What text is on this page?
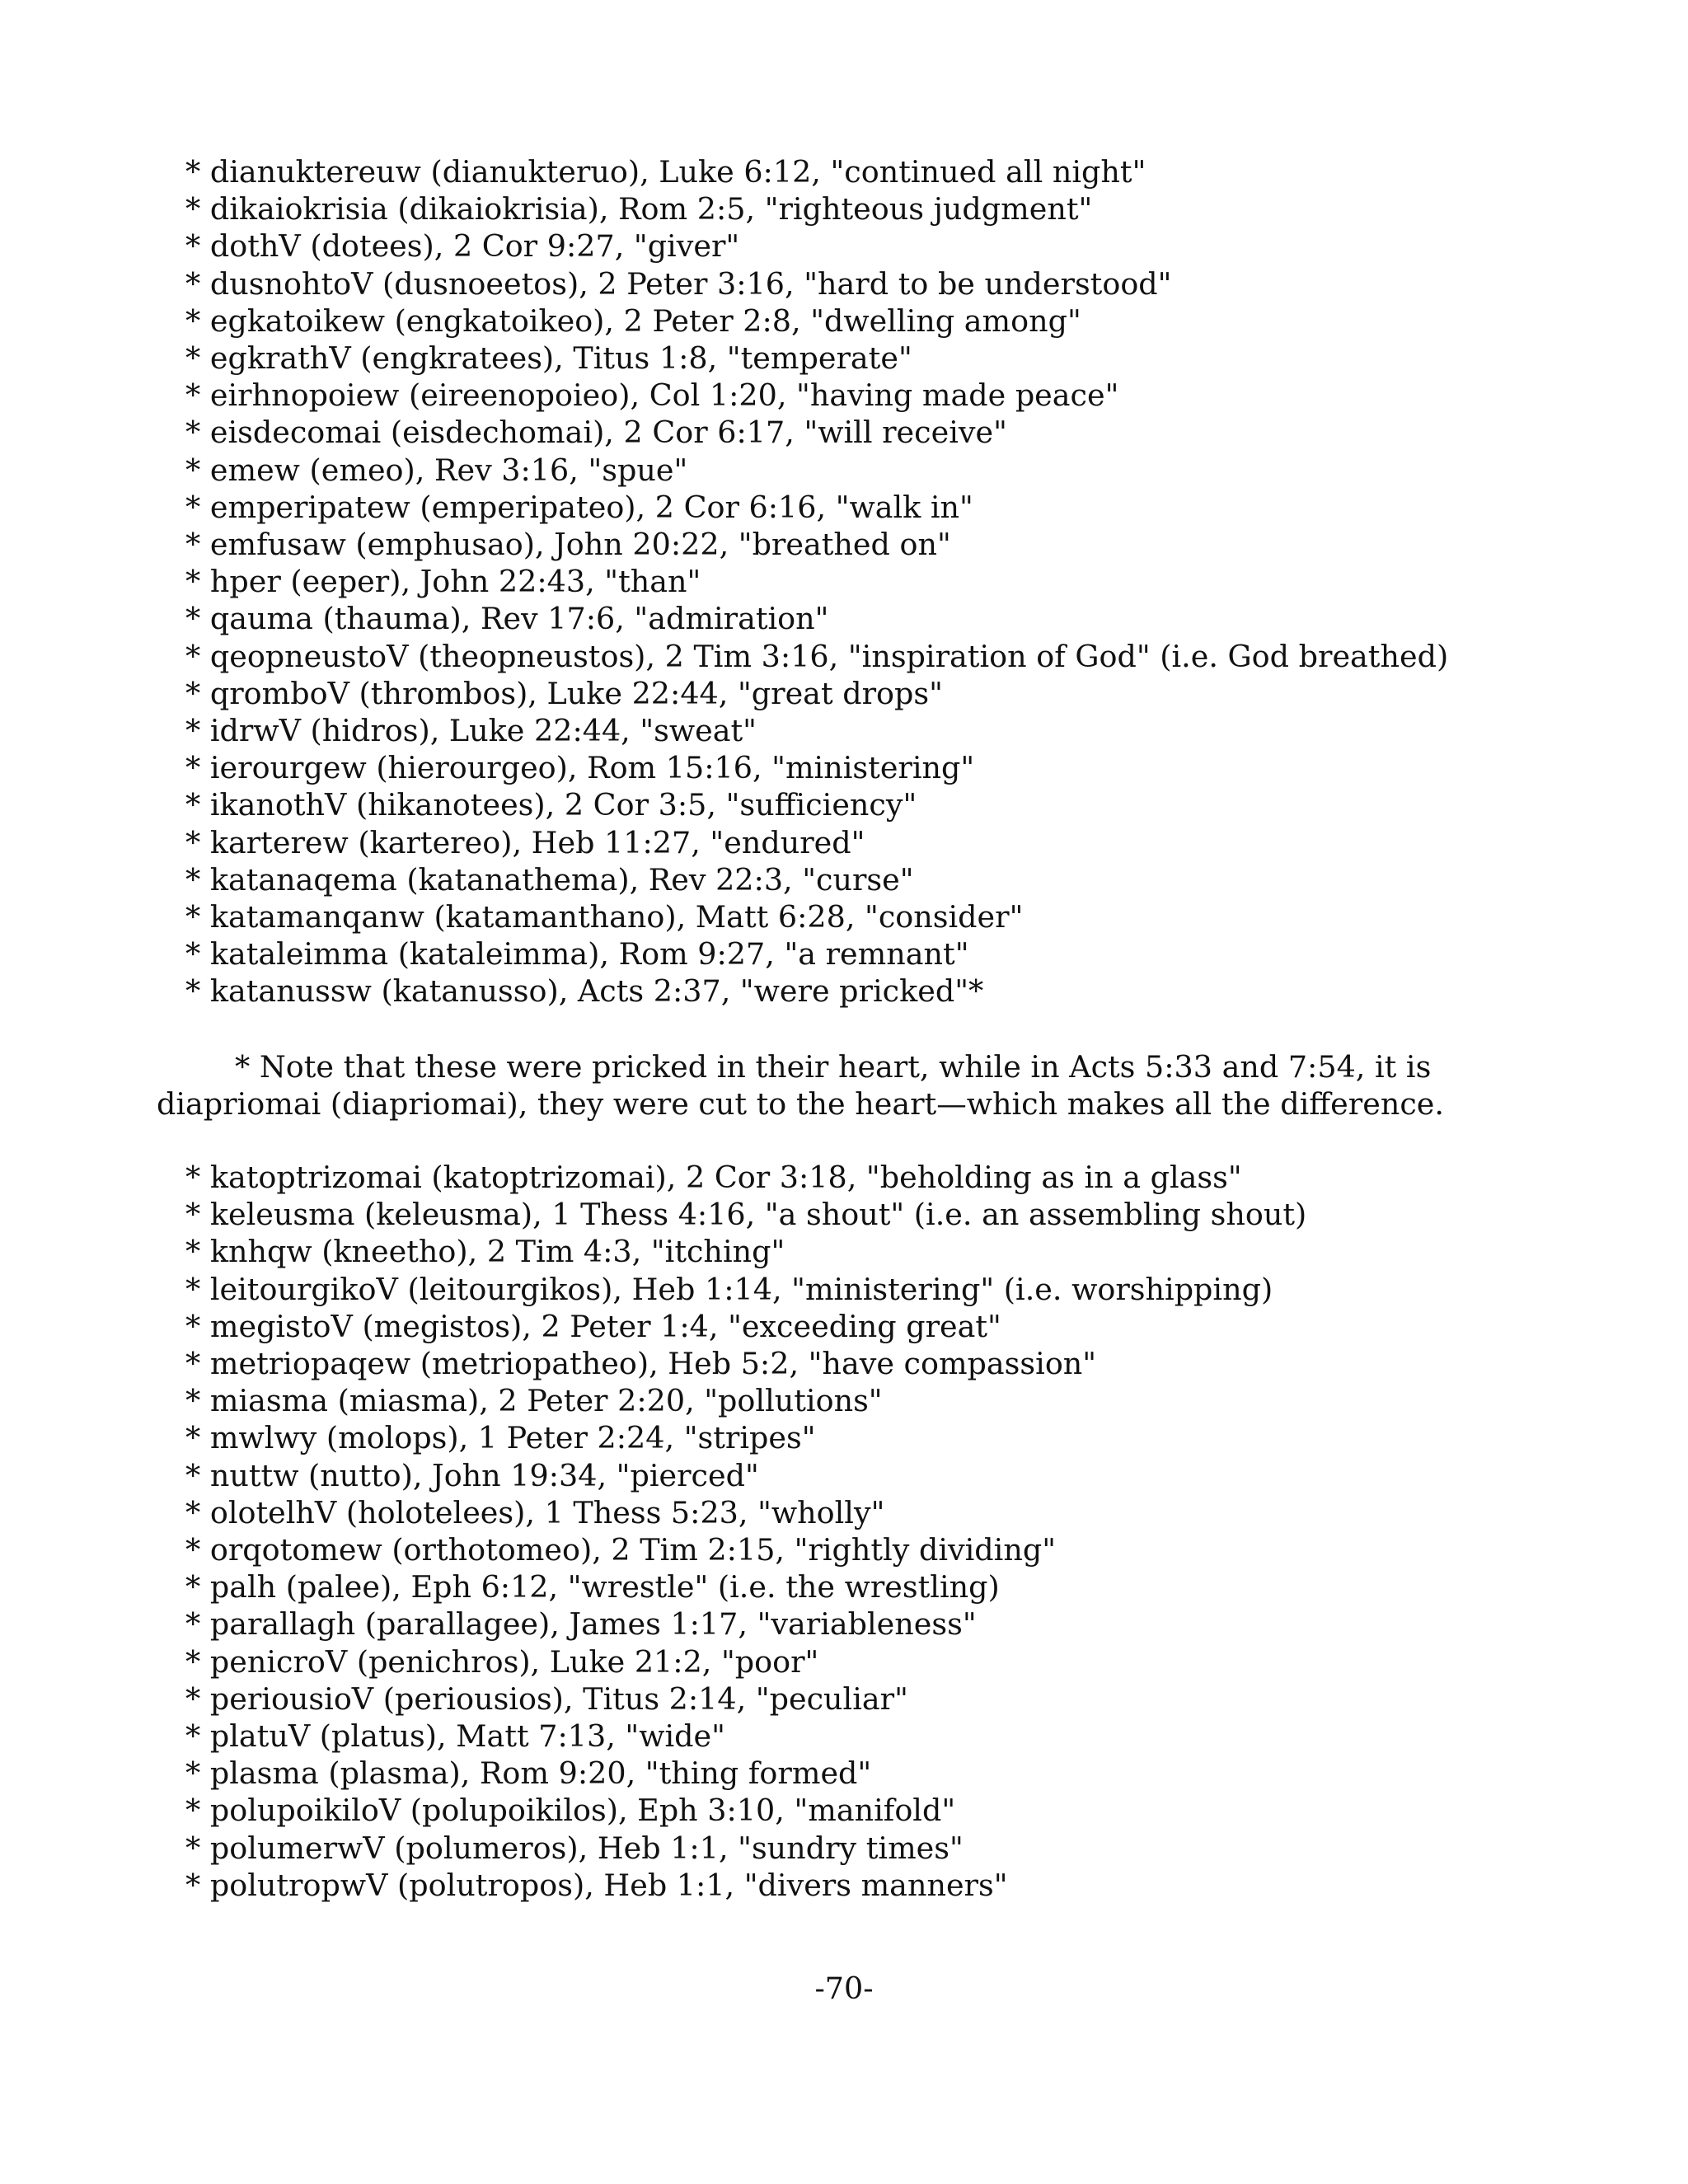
* dianuktereuw (dianukteruo), Luke 6:12, "continued all night"
* dikaiokrisia (dikaiokrisia), Rom 2:5, "righteous judgment"
* dothV (dotees), 2 Cor 9:27, "giver"
* dusnohtoV (dusnoeetos), 2 Peter 3:16, "hard to be understood"
* egkatoikew (engkatoikeo), 2 Peter 2:8, "dwelling among"
* egkrathV (engkratees), Titus 1:8, "temperate"
* eirhnopoiew (eireenopoieo), Col 1:20, "having made peace"
* eisdecomai (eisdechomai), 2 Cor 6:17, "will receive"
* emew (emeo), Rev 3:16, "spue"
* emperipatew (emperipateo), 2 Cor 6:16, "walk in"
* emfusaw (emphusao), John 20:22, "breathed on"
* hper (eeper), John 22:43, "than"
* qauma (thauma), Rev 17:6, "admiration"
* qeopneustoV (theopneustos), 2 Tim 3:16, "inspiration of God" (i.e. God breathed)
* qromboV (thrombos), Luke 22:44, "great drops"
* idrwV (hidros), Luke 22:44, "sweat"
* ierourgew (hierourgeo), Rom 15:16, "ministering"
* ikanothV (hikanotees), 2 Cor 3:5, "sufficiency"
* karterew (kartereo), Heb 11:27, "endured"
* katanaqema (katanathema), Rev 22:3, "curse"
* katamanqanw (katamanthano), Matt 6:28, "consider"
* kataleimma (kataleimma), Rom 9:27, "a remnant"
* katanussw (katanusso), Acts 2:37, "were pricked"*

* Note that these were pricked in their heart, while in Acts 5:33 and 7:54, it is diapriomai (diapriomai), they were cut to the heart—which makes all the difference.

* katoptrizomai (katoptrizomai), 2 Cor 3:18, "beholding as in a glass"
* keleusma (keleusma), 1 Thess 4:16, "a shout" (i.e. an assembling shout)
* knhqw (kneetho), 2 Tim 4:3, "itching"
* leitourgikoV (leitourgikos), Heb 1:14, "ministering" (i.e. worshipping)
* megistoV (megistos), 2 Peter 1:4, "exceeding great"
* metriopaqew (metriopatheo), Heb 5:2, "have compassion"
* miasma (miasma), 2 Peter 2:20, "pollutions"
* mwlwy (molops), 1 Peter 2:24, "stripes"
* nuttw (nutto), John 19:34, "pierced"
* olotelhV (holotelees), 1 Thess 5:23, "wholly"
* orqotomew (orthotomeo), 2 Tim 2:15, "rightly dividing"
* palh (palee), Eph 6:12, "wrestle" (i.e. the wrestling)
* parallagh (parallagee), James 1:17, "variableness"
* penicroV (penichros), Luke 21:2, "poor"
* periousioV (periousios), Titus 2:14, "peculiar"
* platuV (platus), Matt 7:13, "wide"
* plasma (plasma), Rom 9:20, "thing formed"
* polupoikiloV (polupoikilos), Eph 3:10, "manifold"
* polumerwV (polumeros), Heb 1:1, "sundry times"
* polutropwV (polutropos), Heb 1:1, "divers manners"
-70-
